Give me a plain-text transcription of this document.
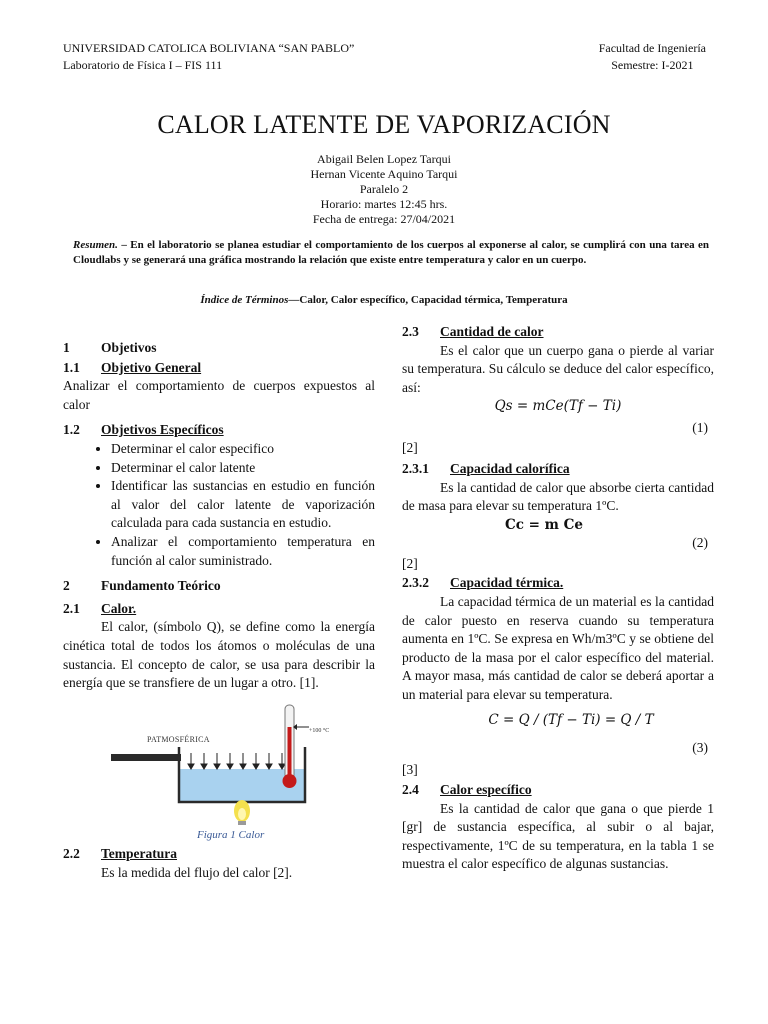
UNIVERSIDAD CATOLICA BOLIVIANA “SAN PABLO”
Laboratorio de Física I – FIS 111
Facultad de Ingeniería
Semestre: I-2021
CALOR LATENTE DE VAPORIZACIÓN
Abigail Belen Lopez Tarqui
Hernan Vicente Aquino Tarqui
Paralelo 2
Horario: martes 12:45 hrs.
Fecha de entrega: 27/04/2021
Resumen. – En el laboratorio se planea estudiar el comportamiento de los cuerpos al exponerse al calor, se cumplirá con una tarea en Cloudlabs y se generará una gráfica mostrando la relación que existe entre temperatura y calor en un cuerpo.
Índice de Términos—Calor, Calor específico, Capacidad térmica, Temperatura
1	Objetivos
1.1	Objetivo General
Analizar el comportamiento de cuerpos expuestos al calor
1.2	Objetivos Específicos
• Determinar el calor especifico
• Determinar el calor latente
• Identificar las sustancias en estudio en función al valor del calor latente de vaporización calculada para cada sustancia en estudio.
• Analizar el comportamiento temperatura en función al calor suministrado.
2	Fundamento Teórico
2.1	Calor.
El calor, (símbolo Q), se define como la energía cinética total de todos los átomos o moléculas de una sustancia. El concepto de calor, se usa para describir la energía que se transfiere de un lugar a otro. [1].
PATMOSFÉRICA
+100 °C
Figura 1 Calor
2.2	Temperatura
Es la medida del flujo del calor [2].
2.3	Cantidad de calor
Es el calor que un cuerpo gana o pierde al variar su temperatura. Su cálculo se deduce del calor específico, así:
Qs = mCe(Tf − Ti)
(1)
[2]
2.3.1	Capacidad calorífica
Es la cantidad de calor que absorbe cierta cantidad de masa para elevar su temperatura 1ºC.
Cc = m Ce
(2)
[2]
2.3.2	Capacidad térmica.
La capacidad térmica de un material es la cantidad de calor puesto en reserva cuando su temperatura aumenta en 1ºC. Se expresa en Wh/m3ºC y se obtiene del producto de la masa por el calor específico del material. A mayor masa, más cantidad de calor se deberá aportar a un material para elevar su temperatura.
C = Q / (Tf − Ti) = Q / T
(3)
[3]
2.4	Calor específico
Es la cantidad de calor que gana o que pierde 1 [gr] de sustancia específica, al subir o al bajar, respectivamente, 1ºC de su temperatura, en la tabla 1 se muestra el calor específico de algunas sustancias.
